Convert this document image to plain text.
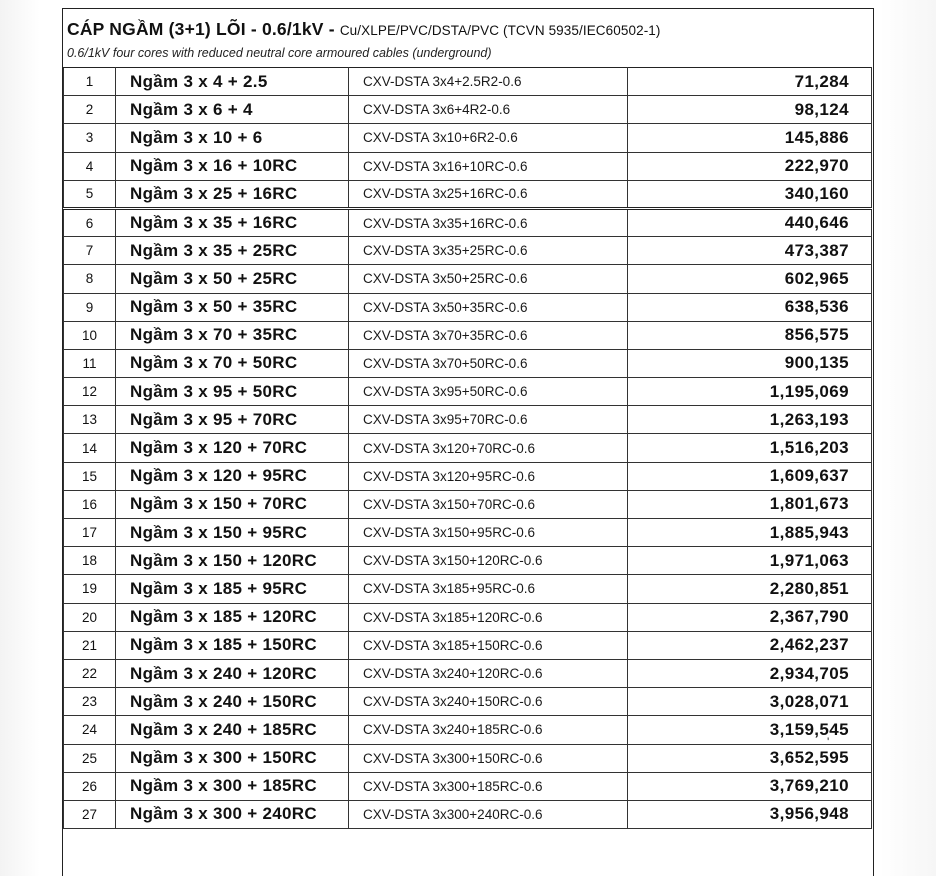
CÁP NGẦM (3+1) LÕI - 0.6/1kV - Cu/XLPE/PVC/DSTA/PVC (TCVN 5935/IEC60502-1)
0.6/1kV four cores with reduced neutral core armoured cables (underground)
1	Ngầm 3 x 4 + 2.5	CXV-DSTA 3x4+2.5R2-0.6	71,284
2	Ngầm 3 x 6 + 4	CXV-DSTA 3x6+4R2-0.6	98,124
3	Ngầm 3 x 10 + 6	CXV-DSTA 3x10+6R2-0.6	145,886
4	Ngầm 3 x 16 + 10RC	CXV-DSTA 3x16+10RC-0.6	222,970
5	Ngầm 3 x 25 + 16RC	CXV-DSTA 3x25+16RC-0.6	340,160
6	Ngầm 3 x 35 + 16RC	CXV-DSTA 3x35+16RC-0.6	440,646
7	Ngầm 3 x 35 + 25RC	CXV-DSTA 3x35+25RC-0.6	473,387
8	Ngầm 3 x 50 + 25RC	CXV-DSTA 3x50+25RC-0.6	602,965
9	Ngầm 3 x 50 + 35RC	CXV-DSTA 3x50+35RC-0.6	638,536
10	Ngầm 3 x 70 + 35RC	CXV-DSTA 3x70+35RC-0.6	856,575
11	Ngầm 3 x 70 + 50RC	CXV-DSTA 3x70+50RC-0.6	900,135
12	Ngầm 3 x 95 + 50RC	CXV-DSTA 3x95+50RC-0.6	1,195,069
13	Ngầm 3 x 95 + 70RC	CXV-DSTA 3x95+70RC-0.6	1,263,193
14	Ngầm 3 x 120 + 70RC	CXV-DSTA 3x120+70RC-0.6	1,516,203
15	Ngầm 3 x 120 + 95RC	CXV-DSTA 3x120+95RC-0.6	1,609,637
16	Ngầm 3 x 150 + 70RC	CXV-DSTA 3x150+70RC-0.6	1,801,673
17	Ngầm 3 x 150 + 95RC	CXV-DSTA 3x150+95RC-0.6	1,885,943
18	Ngầm 3 x 150 + 120RC	CXV-DSTA 3x150+120RC-0.6	1,971,063
19	Ngầm 3 x 185 + 95RC	CXV-DSTA 3x185+95RC-0.6	2,280,851
20	Ngầm 3 x 185 + 120RC	CXV-DSTA 3x185+120RC-0.6	2,367,790
21	Ngầm 3 x 185 + 150RC	CXV-DSTA 3x185+150RC-0.6	2,462,237
22	Ngầm 3 x 240 + 120RC	CXV-DSTA 3x240+120RC-0.6	2,934,705
23	Ngầm 3 x 240 + 150RC	CXV-DSTA 3x240+150RC-0.6	3,028,071
24	Ngầm 3 x 240 + 185RC	CXV-DSTA 3x240+185RC-0.6	3,159,545
25	Ngầm 3 x 300 + 150RC	CXV-DSTA 3x300+150RC-0.6	3,652,595
26	Ngầm 3 x 300 + 185RC	CXV-DSTA 3x300+185RC-0.6	3,769,210
27	Ngầm 3 x 300 + 240RC	CXV-DSTA 3x300+240RC-0.6	3,956,948
'
